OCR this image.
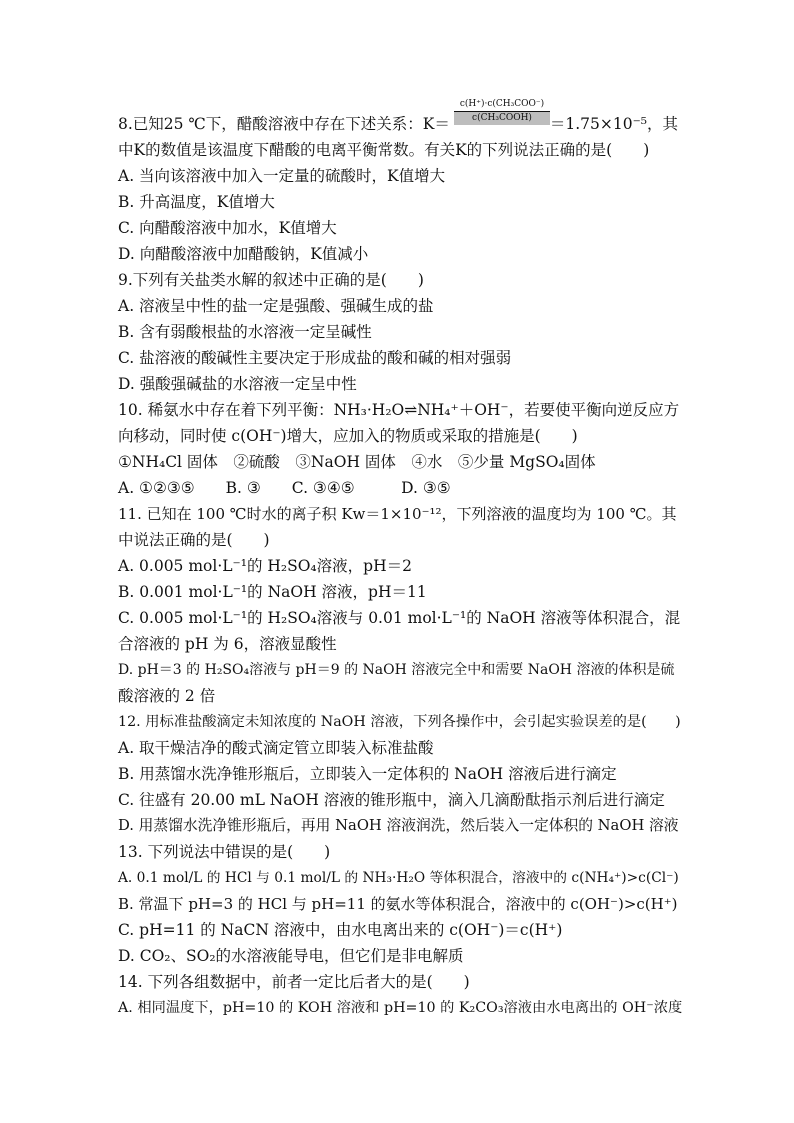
c(H⁺)·c(CH₃COO⁻)
c(CH₃COOH)
8.已知25 ℃下，醋酸溶液中存在下述关系：K＝	＝1.75×10⁻⁵，其
中K的数值是该温度下醋酸的电离平衡常数。有关K的下列说法正确的是(　　)
A. 当向该溶液中加入一定量的硫酸时，K值增大
B. 升高温度，K值增大
C. 向醋酸溶液中加水，K值增大
D. 向醋酸溶液中加醋酸钠，K值减小
9.下列有关盐类水解的叙述中正确的是(　　)
A. 溶液呈中性的盐一定是强酸、强碱生成的盐
B. 含有弱酸根盐的水溶液一定呈碱性
C. 盐溶液的酸碱性主要决定于形成盐的酸和碱的相对强弱
D. 强酸强碱盐的水溶液一定呈中性
10. 稀氨水中存在着下列平衡：NH₃·H₂O⇌NH₄⁺＋OH⁻，若要使平衡向逆反应方
向移动，同时使 c(OH⁻)增大，应加入的物质或采取的措施是(　　)
①NH₄Cl 固体　②硫酸　③NaOH 固体　④水　⑤少量 MgSO₄固体
A. ①②③⑤　　B. ③　　C. ③④⑤　　　D. ③⑤
11. 已知在 100 ℃时水的离子积 Kw＝1×10⁻¹²，下列溶液的温度均为 100 ℃。其
中说法正确的是(　　)
A. 0.005 mol·L⁻¹的 H₂SO₄溶液，pH＝2
B. 0.001 mol·L⁻¹的 NaOH 溶液，pH＝11
C. 0.005 mol·L⁻¹的 H₂SO₄溶液与 0.01 mol·L⁻¹的 NaOH 溶液等体积混合，混
合溶液的 pH 为 6，溶液显酸性
D. pH＝3 的 H₂SO₄溶液与 pH＝9 的 NaOH 溶液完全中和需要 NaOH 溶液的体积是硫
酸溶液的 2 倍
12. 用标准盐酸滴定未知浓度的 NaOH 溶液，下列各操作中，会引起实验误差的是(　　)
A. 取干燥洁净的酸式滴定管立即装入标准盐酸
B. 用蒸馏水洗净锥形瓶后，立即装入一定体积的 NaOH 溶液后进行滴定
C. 往盛有 20.00 mL NaOH 溶液的锥形瓶中，滴入几滴酚酞指示剂后进行滴定
D. 用蒸馏水洗净锥形瓶后，再用 NaOH 溶液润洗，然后装入一定体积的 NaOH 溶液
13. 下列说法中错误的是(　　)
A. 0.1 mol/L 的 HCl 与 0.1 mol/L 的 NH₃·H₂O 等体积混合，溶液中的 c(NH₄⁺)>c(Cl⁻)
B. 常温下 pH=3 的 HCl 与 pH=11 的氨水等体积混合，溶液中的 c(OH⁻)>c(H⁺)
C. pH=11 的 NaCN 溶液中，由水电离出来的 c(OH⁻)＝c(H⁺)
D. CO₂、SO₂的水溶液能导电，但它们是非电解质
14. 下列各组数据中，前者一定比后者大的是(　　)
A. 相同温度下，pH=10 的 KOH 溶液和 pH=10 的 K₂CO₃溶液由水电离出的 OH⁻浓度
